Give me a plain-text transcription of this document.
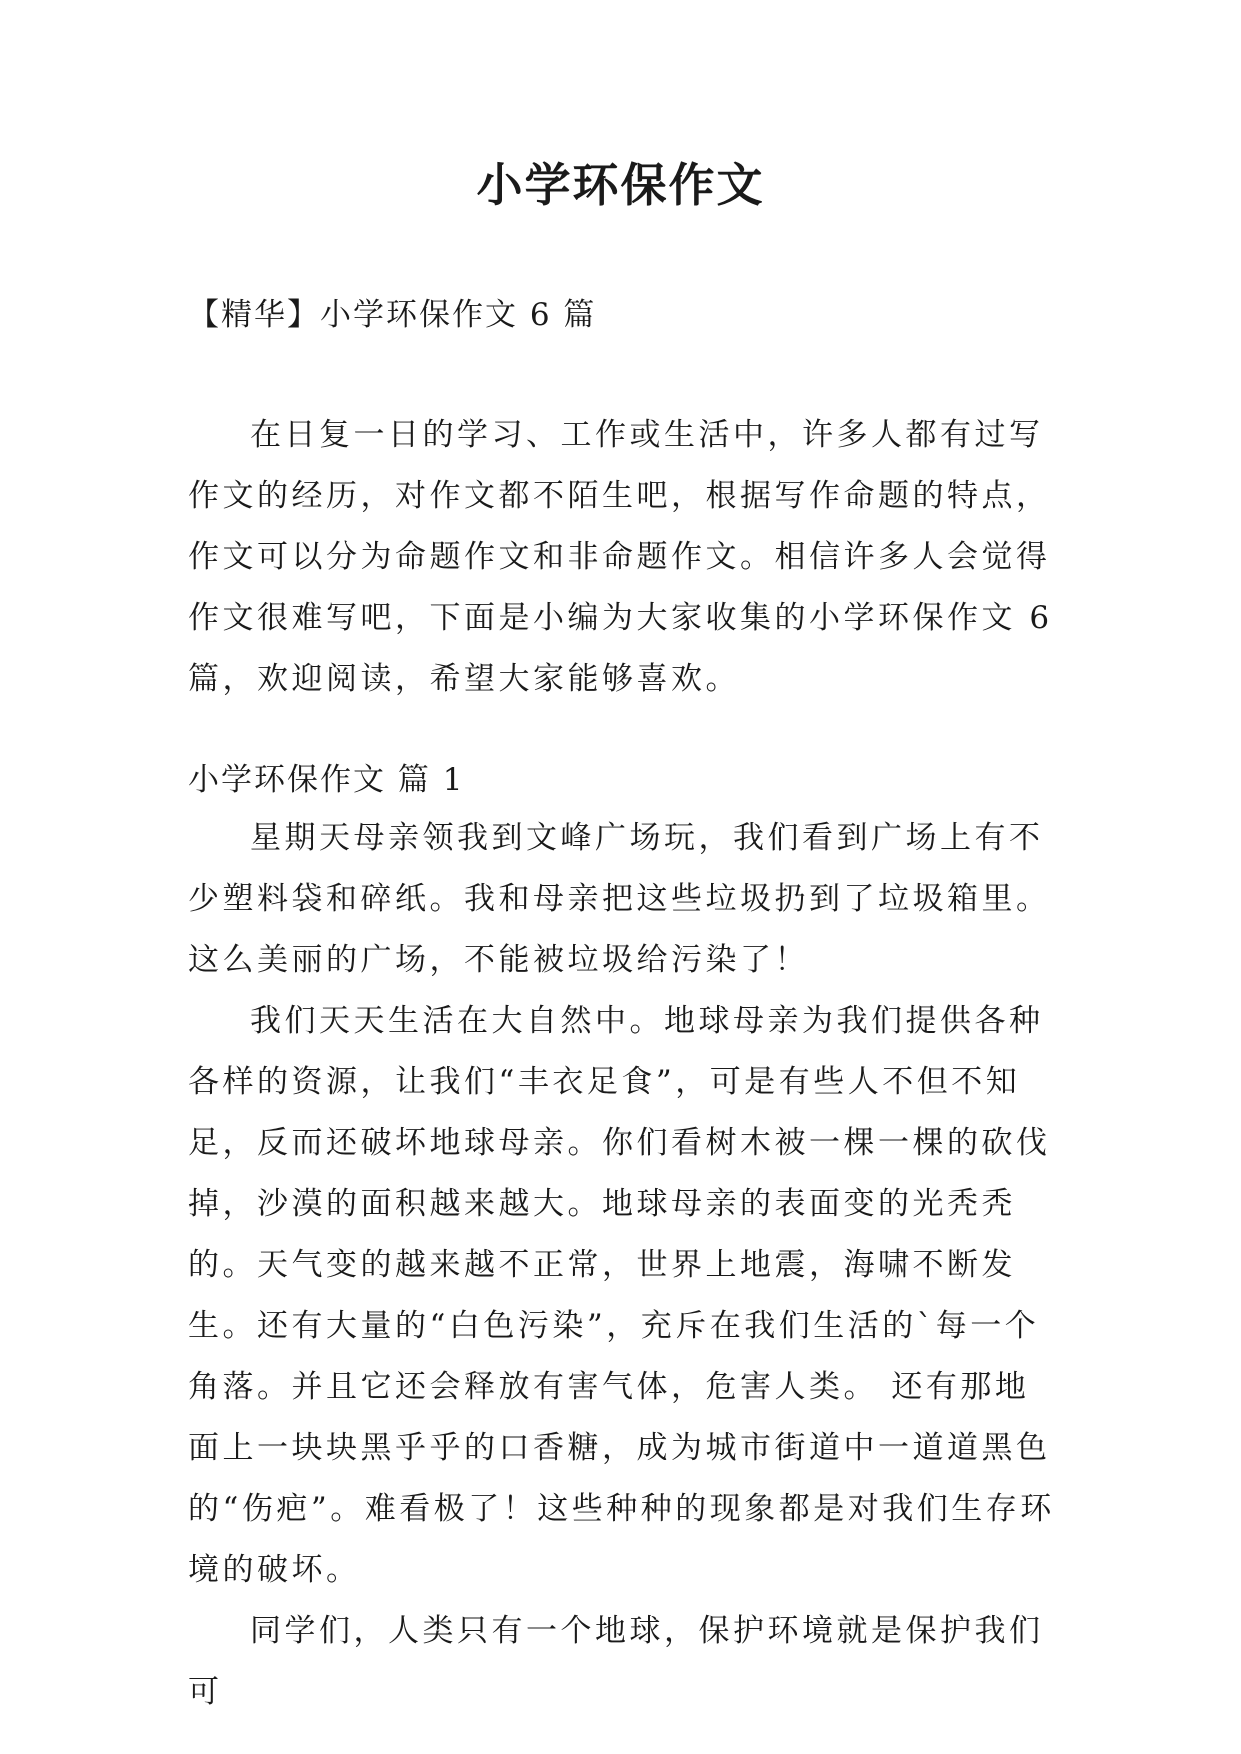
小学环保作文
【精华】小学环保作文 6 篇

在日复一日的学习、工作或生活中，许多人都有过写作文的经历，对作文都不陌生吧，根据写作命题的特点，作文可以分为命题作文和非命题作文。相信许多人会觉得作文很难写吧，下面是小编为大家收集的小学环保作文 6 篇，欢迎阅读，希望大家能够喜欢。

小学环保作文 篇 1

星期天母亲领我到文峰广场玩，我们看到广场上有不少塑料袋和碎纸。我和母亲把这些垃圾扔到了垃圾箱里。这么美丽的广场，不能被垃圾给污染了！

我们天天生活在大自然中。地球母亲为我们提供各种各样的资源，让我们“丰衣足食”，可是有些人不但不知足，反而还破坏地球母亲。你们看树木被一棵一棵的砍伐掉，沙漠的面积越来越大。地球母亲的表面变的光秃秃的。天气变的越来越不正常，世界上地震，海啸不断发生。还有大量的“白色污染”，充斥在我们生活的`每一个角落。并且它还会释放有害气体，危害人类。 还有那地面上一块块黑乎乎的口香糖，成为城市街道中一道道黑色的“伤疤”。难看极了！这些种种的现象都是对我们生存环境的破坏。

同学们，人类只有一个地球，保护环境就是保护我们可
